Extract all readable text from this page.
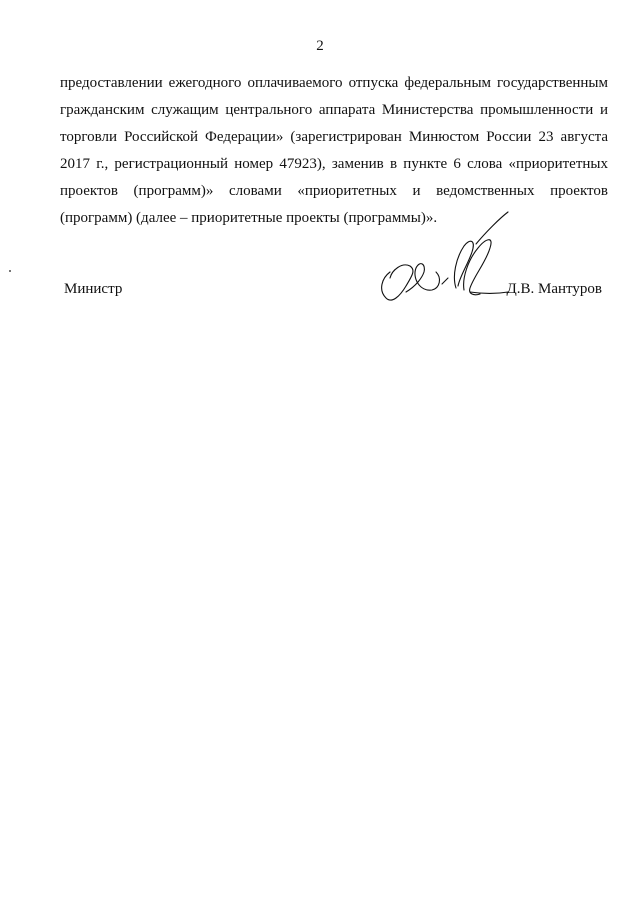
2
предоставлении ежегодного оплачиваемого отпуска федеральным государственным
гражданским служащим центрального аппарата Министерства промышленности и
торговли Российской Федерации» (зарегистрирован Минюстом России 23 августа
2017 г., регистрационный номер 47923), заменив в пункте 6 слова «приоритетных
проектов (программ)» словами «приоритетных и ведомственных проектов
(программ) (далее – приоритетные проекты (программы)».
Министр	Д.В. Мантуров
